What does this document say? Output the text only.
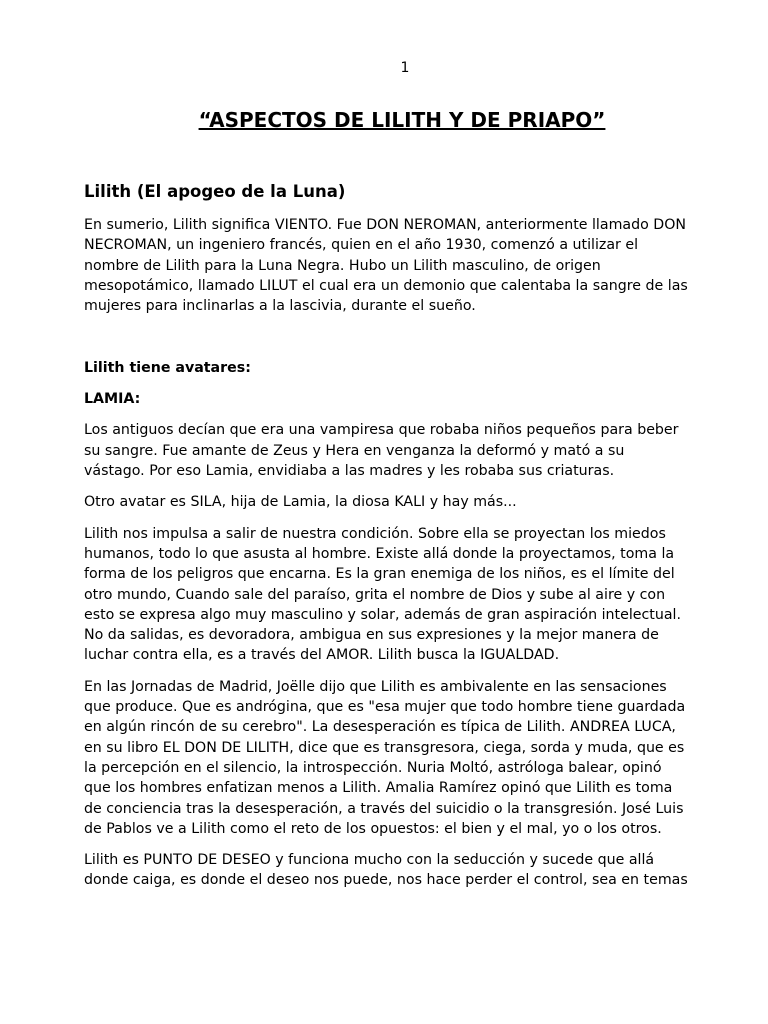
1
“ASPECTOS DE LILITH Y DE PRIAPO”
Lilith (El apogeo de la Luna)

En sumerio, Lilith significa VIENTO. Fue DON NEROMAN, anteriormente llamado DON
NECROMAN, un ingeniero francés, quien en el año 1930, comenzó a utilizar el
nombre de Lilith para la Luna Negra. Hubo un Lilith masculino, de origen
mesopotámico, llamado LILUT el cual era un demonio que calentaba la sangre de las
mujeres para inclinarlas a la lascivia, durante el sueño.

Lilith tiene avatares:
LAMIA:

Los antiguos decían que era una vampiresa que robaba niños pequeños para beber
su sangre. Fue amante de Zeus y Hera en venganza la deformó y mató a su
vástago. Por eso Lamia, envidiaba a las madres y les robaba sus criaturas.

Otro avatar es SILA, hija de Lamia, la diosa KALI y hay más...

Lilith nos impulsa a salir de nuestra condición. Sobre ella se proyectan los miedos
humanos, todo lo que asusta al hombre. Existe allá donde la proyectamos, toma la
forma de los peligros que encarna. Es la gran enemiga de los niños, es el límite del
otro mundo, Cuando sale del paraíso, grita el nombre de Dios y sube al aire y con
esto se expresa algo muy masculino y solar, además de gran aspiración intelectual.
No da salidas, es devoradora, ambigua en sus expresiones y la mejor manera de
luchar contra ella, es a través del AMOR. Lilith busca la IGUALDAD.

En las Jornadas de Madrid, Joëlle dijo que Lilith es ambivalente en las sensaciones
que produce. Que es andrógina, que es "esa mujer que todo hombre tiene guardada
en algún rincón de su cerebro". La desesperación es típica de Lilith. ANDREA LUCA,
en su libro EL DON DE LILITH, dice que es transgresora, ciega, sorda y muda, que es
la percepción en el silencio, la introspección. Nuria Moltó, astróloga balear, opinó
que los hombres enfatizan menos a Lilith. Amalia Ramírez opinó que Lilith es toma
de conciencia tras la desesperación, a través del suicidio o la transgresión. José Luis
de Pablos ve a Lilith como el reto de los opuestos: el bien y el mal, yo o los otros.

Lilith es PUNTO DE DESEO y funciona mucho con la seducción y sucede que allá
donde caiga, es donde el deseo nos puede, nos hace perder el control, sea en temas
